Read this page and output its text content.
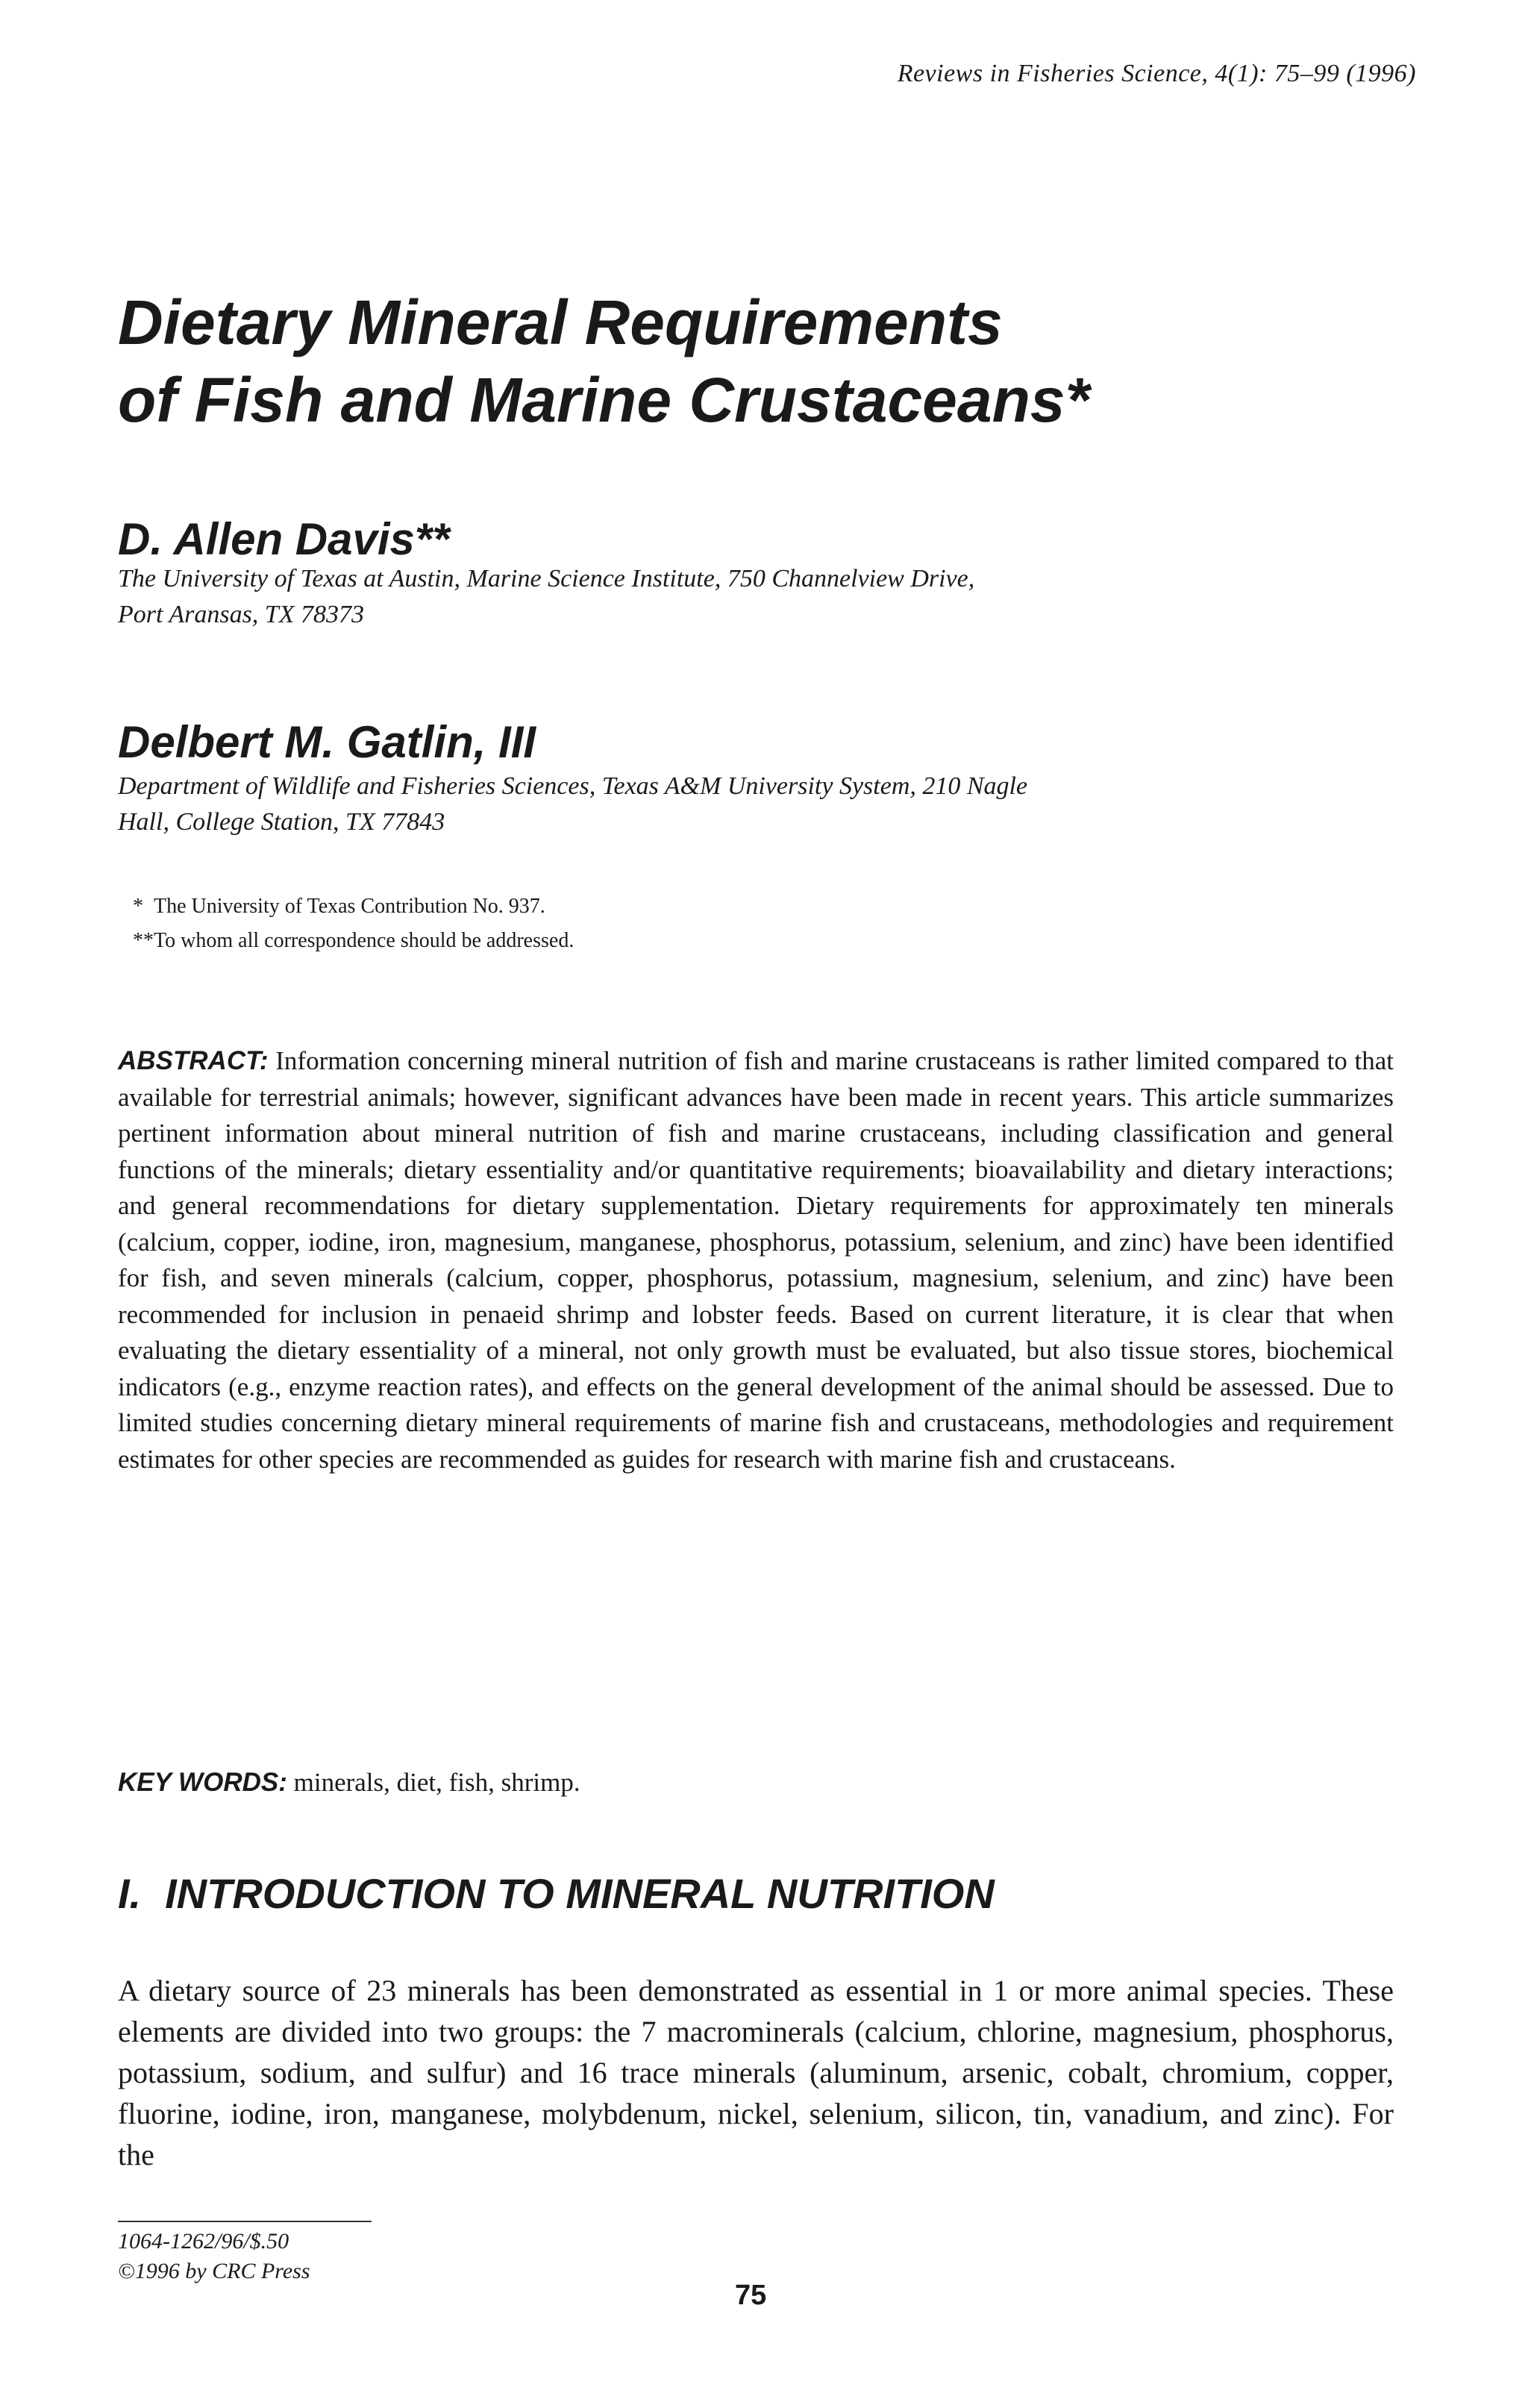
Reviews in Fisheries Science, 4(1): 75–99 (1996)
Dietary Mineral Requirements
of Fish and Marine Crustaceans*
D. Allen Davis**
The University of Texas at Austin, Marine Science Institute, 750 Channelview Drive,
Port Aransas, TX 78373
Delbert M. Gatlin, III
Department of Wildlife and Fisheries Sciences, Texas A&M University System, 210 Nagle
Hall, College Station, TX 77843
* The University of Texas Contribution No. 937.
**To whom all correspondence should be addressed.

ABSTRACT: Information concerning mineral nutrition of fish and marine crustaceans is rather limited compared to that available for terrestrial animals; however, significant advances have been made in recent years. This article summarizes pertinent information about mineral nutrition of fish and marine crustaceans, including classification and general functions of the minerals; dietary essentiality and/or quantitative requirements; bioavailability and dietary interactions; and general recommendations for dietary supplementation. Dietary requirements for approximately ten minerals (calcium, copper, iodine, iron, magnesium, manganese, phosphorus, potassium, selenium, and zinc) have been identified for fish, and seven minerals (calcium, copper, phosphorus, potassium, magnesium, selenium, and zinc) have been recommended for inclusion in penaeid shrimp and lobster feeds. Based on current literature, it is clear that when evaluating the dietary essentiality of a mineral, not only growth must be evaluated, but also tissue stores, biochemical indicators (e.g., enzyme reaction rates), and effects on the general development of the animal should be assessed. Due to limited studies concerning dietary mineral requirements of marine fish and crustaceans, methodologies and requirement estimates for other species are recommended as guides for research with marine fish and crustaceans.

KEY WORDS: minerals, diet, fish, shrimp.
I. INTRODUCTION TO MINERAL NUTRITION

A dietary source of 23 minerals has been demonstrated as essential in 1 or more animal species. These elements are divided into two groups: the 7 macrominerals (calcium, chlorine, magnesium, phosphorus, potassium, sodium, and sulfur) and 16 trace minerals (aluminum, arsenic, cobalt, chromium, copper, fluorine, iodine, iron, manganese, molybdenum, nickel, selenium, silicon, tin, vanadium, and zinc). For the

1064-1262/96/$.50
©1996 by CRC Press
75
